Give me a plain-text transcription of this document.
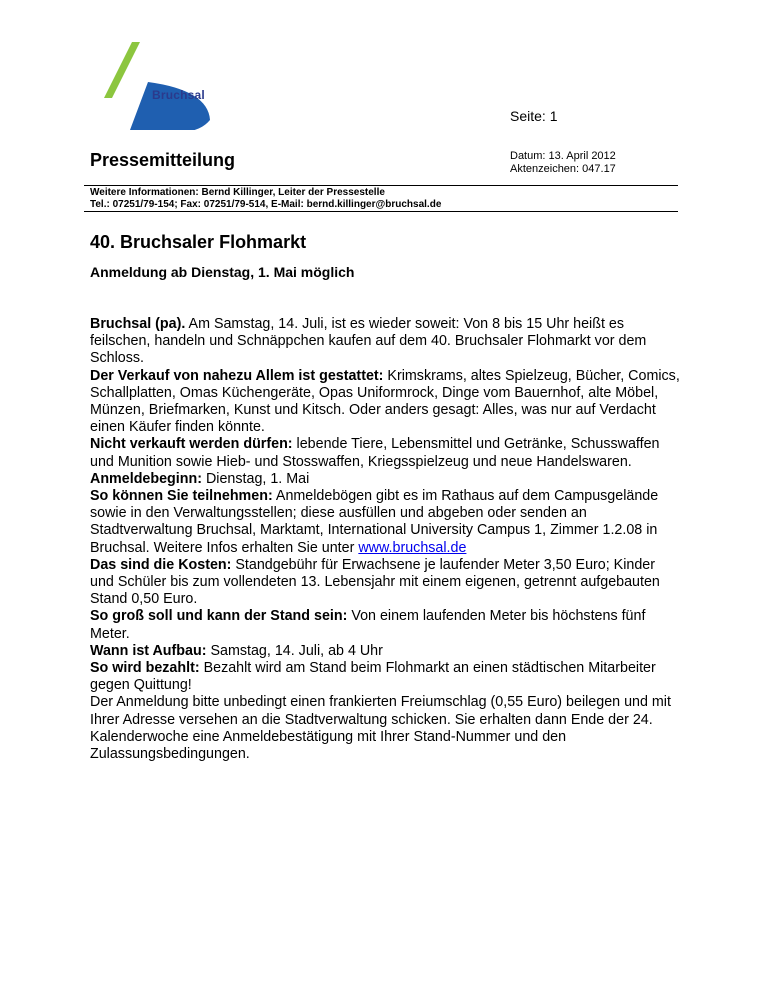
Bruchsal
Seite: 1
Pressemitteilung	Datum: 13. April 2012
Aktenzeichen: 047.17
Weitere Informationen: Bernd Killinger, Leiter der Pressestelle
Tel.: 07251/79-154; Fax: 07251/79-514, E-Mail: bernd.killinger@bruchsal.de
40. Bruchsaler Flohmarkt
Anmeldung ab Dienstag, 1. Mai möglich

Bruchsal (pa). Am Samstag, 14. Juli, ist es wieder soweit: Von 8 bis 15 Uhr heißt es feilschen, handeln und Schnäppchen kaufen auf dem 40. Bruchsaler Flohmarkt vor dem Schloss.

Der Verkauf von nahezu Allem ist gestattet: Krimskrams, altes Spielzeug, Bücher, Comics, Schallplatten, Omas Küchengeräte, Opas Uniformrock, Dinge vom Bauernhof, alte Möbel, Münzen, Briefmarken, Kunst und Kitsch. Oder anders gesagt: Alles, was nur auf Verdacht einen Käufer finden könnte.

Nicht verkauft werden dürfen: lebende Tiere, Lebensmittel und Getränke, Schusswaffen und Munition sowie Hieb- und Stosswaffen, Kriegsspielzeug und neue Handelswaren.

Anmeldebeginn: Dienstag, 1. Mai

So können Sie teilnehmen: Anmeldebögen gibt es im Rathaus auf dem Campusgelände sowie in den Verwaltungsstellen; diese ausfüllen und abgeben oder senden an Stadtverwaltung Bruchsal, Marktamt, International University Campus 1, Zimmer 1.2.08 in Bruchsal. Weitere Infos erhalten Sie unter www.bruchsal.de

Das sind die Kosten: Standgebühr für Erwachsene je laufender Meter 3,50 Euro; Kinder und Schüler bis zum vollendeten 13. Lebensjahr mit einem eigenen, getrennt aufgebauten Stand 0,50 Euro.

So groß soll und kann der Stand sein: Von einem laufenden Meter bis höchstens fünf Meter.

Wann ist Aufbau: Samstag, 14. Juli, ab 4 Uhr

So wird bezahlt: Bezahlt wird am Stand beim Flohmarkt an einen städtischen Mitarbeiter gegen Quittung!

Der Anmeldung bitte unbedingt einen frankierten Freiumschlag (0,55 Euro) beilegen und mit Ihrer Adresse versehen an die Stadtverwaltung schicken. Sie erhalten dann Ende der 24. Kalenderwoche eine Anmeldebestätigung mit Ihrer Stand-Nummer und den Zulassungsbedingungen.
